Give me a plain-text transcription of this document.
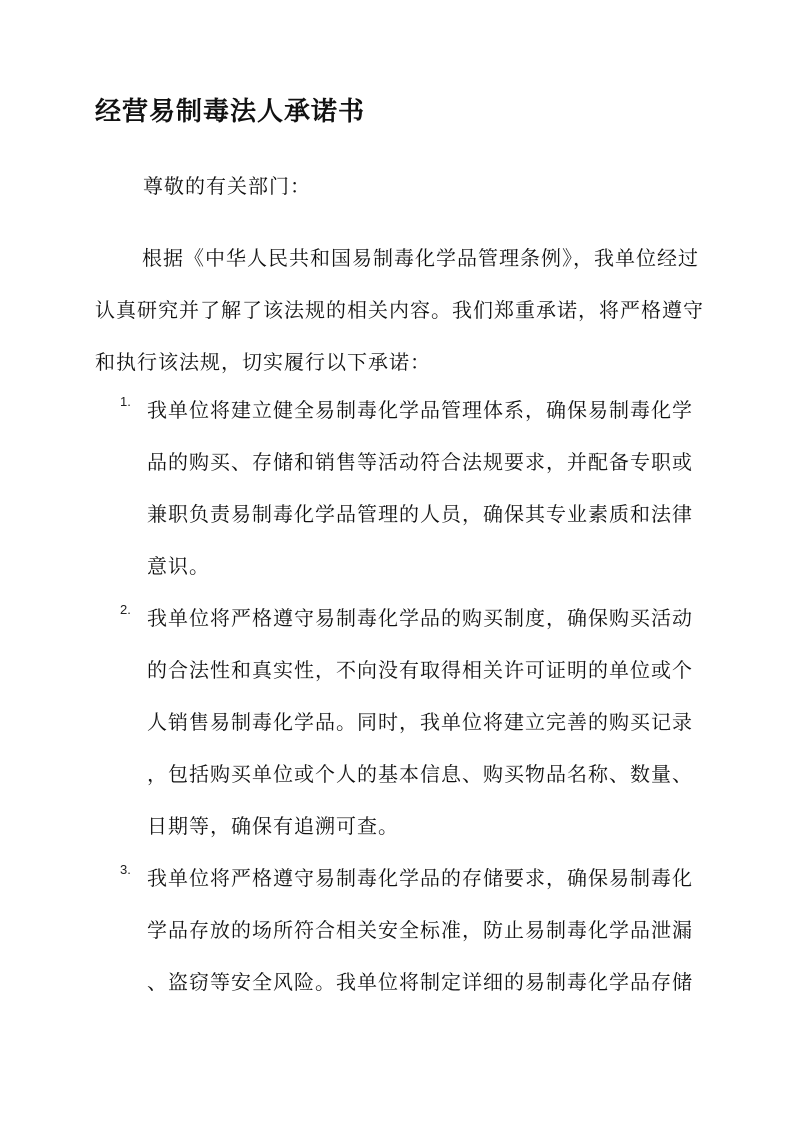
经营易制毒法人承诺书
尊敬的有关部门：
根据《中华人民共和国易制毒化学品管理条例》，我单位经过
认真研究并了解了该法规的相关内容。我们郑重承诺，将严格遵守
和执行该法规，切实履行以下承诺：
1. 我单位将建立健全易制毒化学品管理体系，确保易制毒化学
品的购买、存储和销售等活动符合法规要求，并配备专职或
兼职负责易制毒化学品管理的人员，确保其专业素质和法律
意识。
2. 我单位将严格遵守易制毒化学品的购买制度，确保购买活动
的合法性和真实性，不向没有取得相关许可证明的单位或个
人销售易制毒化学品。同时，我单位将建立完善的购买记录
，包括购买单位或个人的基本信息、购买物品名称、数量、
日期等，确保有追溯可查。
3. 我单位将严格遵守易制毒化学品的存储要求，确保易制毒化
学品存放的场所符合相关安全标准，防止易制毒化学品泄漏
、盗窃等安全风险。我单位将制定详细的易制毒化学品存储
